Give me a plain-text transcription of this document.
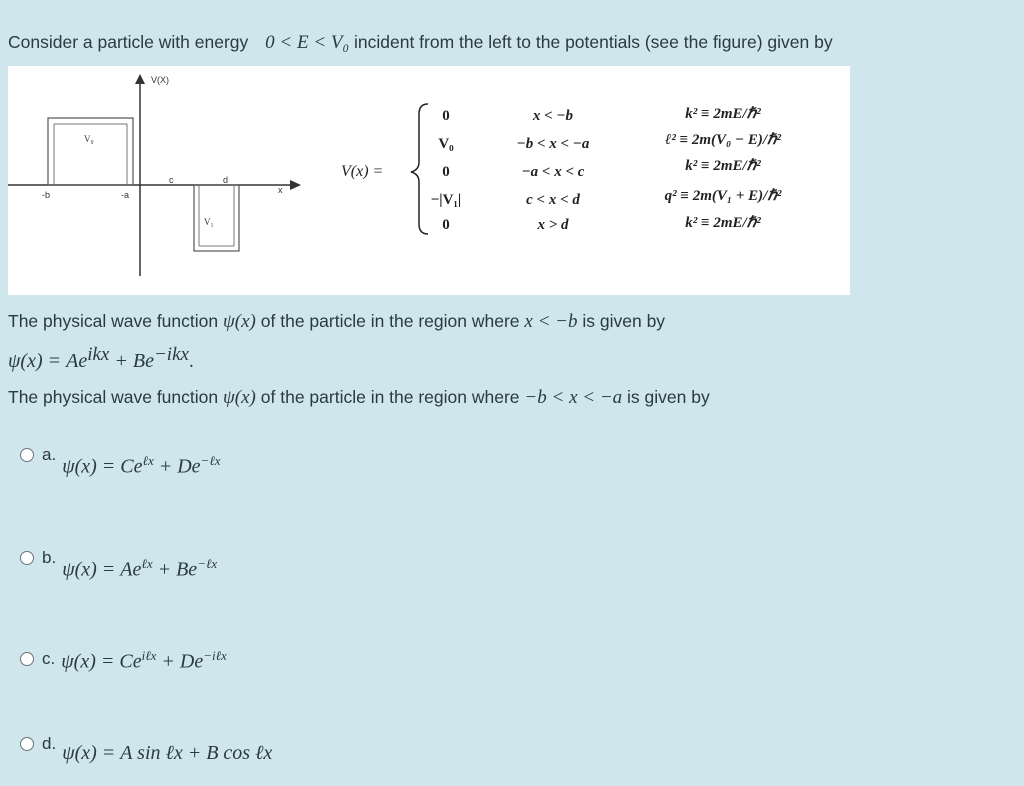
Consider a particle with energy 0 < E < V₀ incident from the left to the potentials (see the figure) given by
V(X)
V₀
V₁
-b	-a
c	d
x
V(x) =
0
V₀
0
−|V₁|
0
x < −b
−b < x < −a
−a < x < c
c < x < d
x > d
k² ≡ 2mE/ℏ²
ℓ² ≡ 2m(V₀ − E)/ℏ²
k² ≡ 2mE/ℏ²
q² ≡ 2m(V₁ + E)/ℏ²
k² ≡ 2mE/ℏ²
The physical wave function ψ(x) of the particle in the region where x < −b is given by
$\psi(x) = Ae^{ikx} + Be^{-ikx}$.
The physical wave function ψ(x) of the particle in the region where −b < x < −a is given by
a.
$\psi(x) = Ce^{\ell x} + De^{-\ell x}$
b.
$\psi(x) = Ae^{\ell x} + Be^{-\ell x}$
c. $\psi(x) = Ce^{i\ell x} + De^{-i\ell x}$
d. ψ(x) = A sin ℓx + B cos ℓx
